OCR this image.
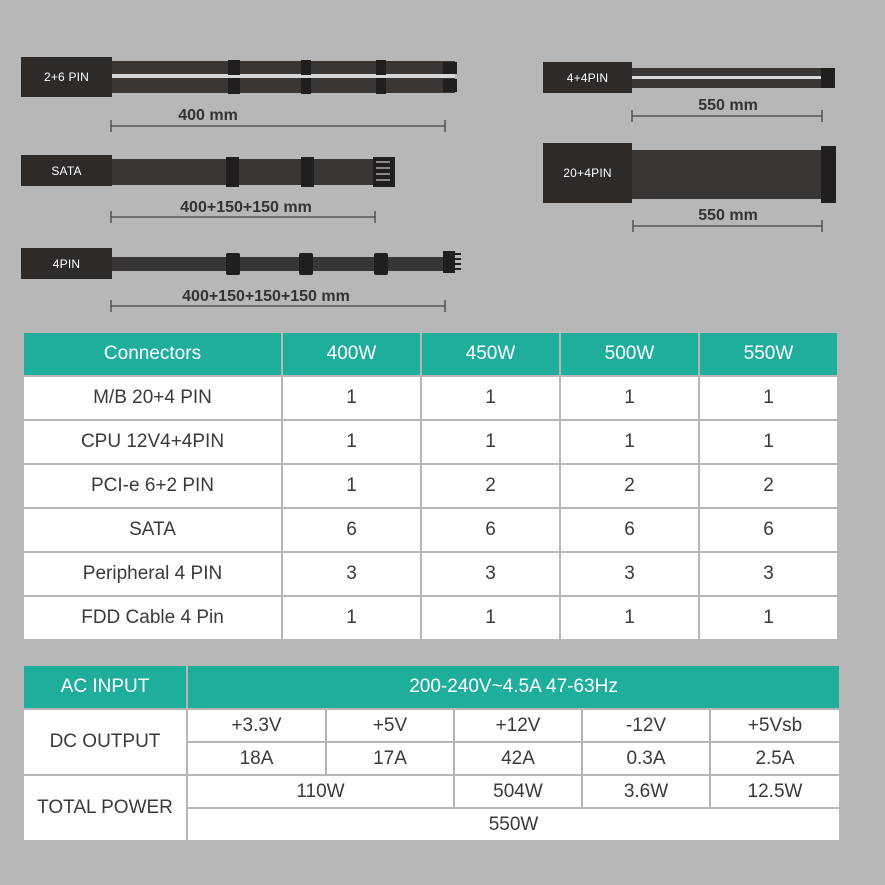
2+6 PIN
400 mm
SATA
400+150+150 mm
4PIN
400+150+150+150 mm
4+4PIN
550 mm
20+4PIN
550 mm
Connectors	400W	450W	500W	550W
M/B 20+4 PIN	1	1	1	1
CPU 12V4+4PIN	1	1	1	1
PCI-e 6+2 PIN	1	2	2	2
SATA	6	6	6	6
Peripheral 4 PIN	3	3	3	3
FDD Cable 4 Pin	1	1	1	1
AC INPUT	200-240V~4.5A 47-63Hz				
DC OUTPUT	+3.3V	+5V	+12V	-12V	+5Vsb
	18A	17A	42A	0.3A	2.5A
TOTAL POWER	110W		504W	3.6W	12.5W
	550W				
